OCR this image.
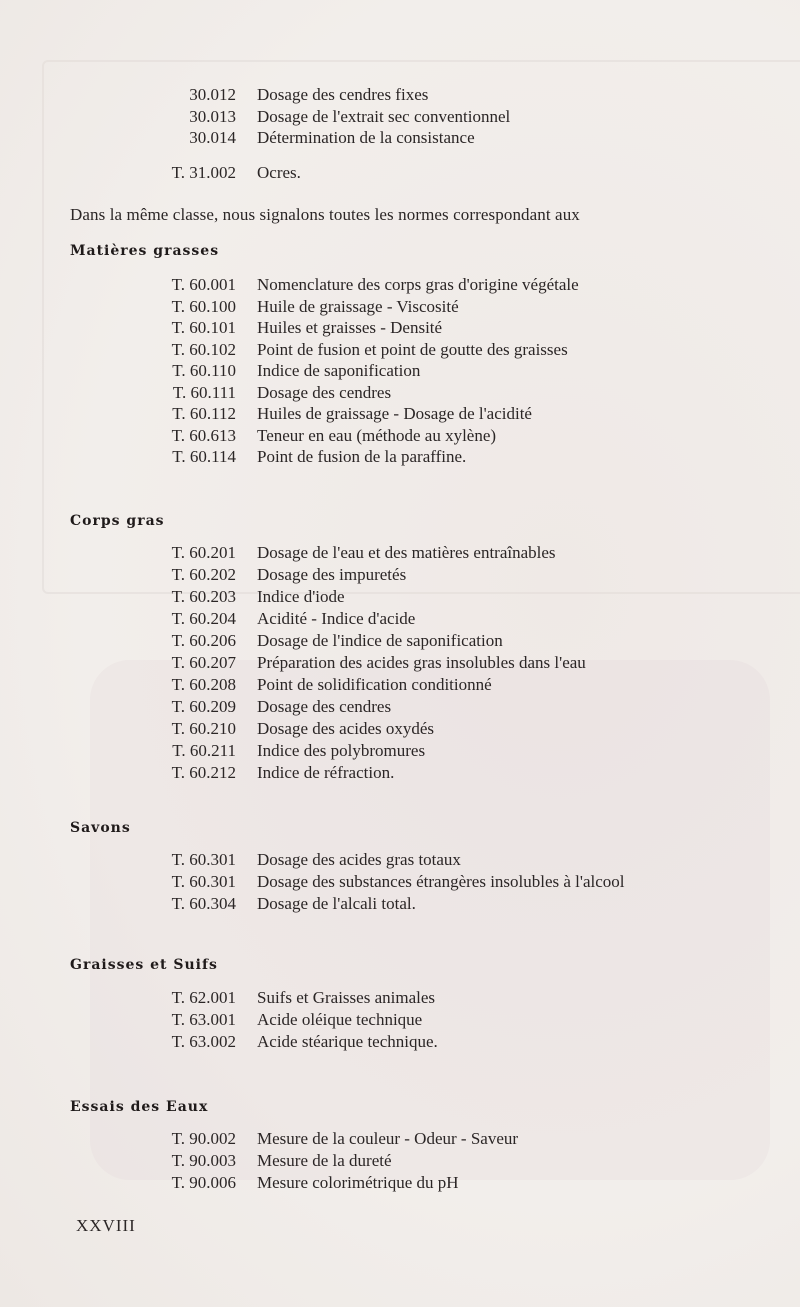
30.012 Dosage des cendres fixes
30.013 Dosage de l'extrait sec conventionnel
30.014 Détermination de la consistance
T. 31.002 Ocres.
Dans la même classe, nous signalons toutes les normes correspondant aux
Matières grasses
T. 60.001 Nomenclature des corps gras d'origine végétale
T. 60.100 Huile de graissage - Viscosité
T. 60.101 Huiles et graisses - Densité
T. 60.102 Point de fusion et point de goutte des graisses
T. 60.110 Indice de saponification
T. 60.111 Dosage des cendres
T. 60.112 Huiles de graissage - Dosage de l'acidité
T. 60.613 Teneur en eau (méthode au xylène)
T. 60.114 Point de fusion de la paraffine.
Corps gras
T. 60.201 Dosage de l'eau et des matières entraînables
T. 60.202 Dosage des impuretés
T. 60.203 Indice d'iode
T. 60.204 Acidité - Indice d'acide
T. 60.206 Dosage de l'indice de saponification
T. 60.207 Préparation des acides gras insolubles dans l'eau
T. 60.208 Point de solidification conditionné
T. 60.209 Dosage des cendres
T. 60.210 Dosage des acides oxydés
T. 60.211 Indice des polybromures
T. 60.212 Indice de réfraction.
Savons
T. 60.301 Dosage des acides gras totaux
T. 60.301 Dosage des substances étrangères insolubles à l'alcool
T. 60.304 Dosage de l'alcali total.
Graisses et Suifs
T. 62.001 Suifs et Graisses animales
T. 63.001 Acide oléique technique
T. 63.002 Acide stéarique technique.
Essais des Eaux
T. 90.002 Mesure de la couleur - Odeur - Saveur
T. 90.003 Mesure de la dureté
T. 90.006 Mesure colorimétrique du pH
XXVIII
